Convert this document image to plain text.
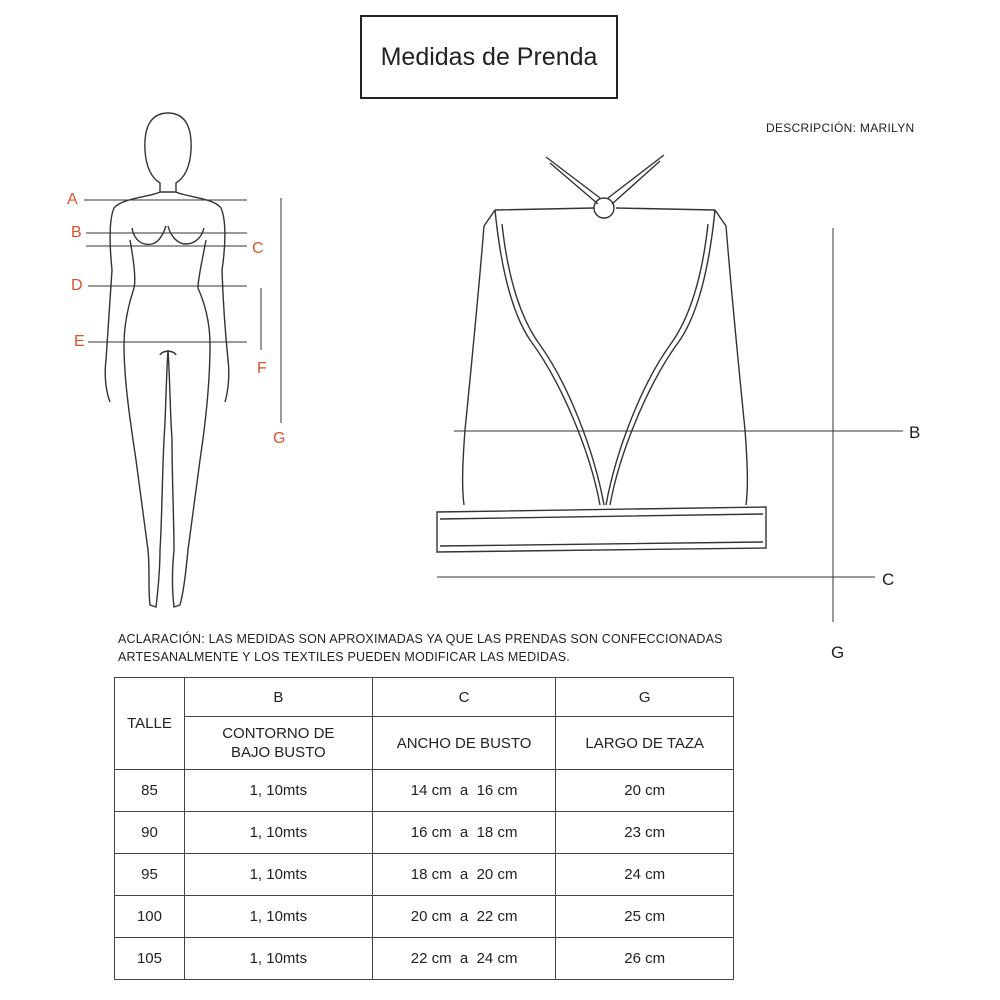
Medidas de Prenda
DESCRIPCIÓN: MARILYN
A
B
C
D
E
F
G	B
C
G
ACLARACIÓN: LAS MEDIDAS SON APROXIMADAS YA QUE LAS PRENDAS SON CONFECCIONADAS ARTESANALMENTE Y LOS TEXTILES PUEDEN MODIFICAR LAS MEDIDAS.
TALLE	B	C	G
	CONTORNO DE BAJO BUSTO	ANCHO DE BUSTO	LARGO DE TAZA
85	1, 10mts	14 cm  a  16 cm	20 cm
90	1, 10mts	16 cm  a  18 cm	23 cm
95	1, 10mts	18 cm  a  20 cm	24 cm
100	1, 10mts	20 cm  a  22 cm	25 cm
105	1, 10mts	22 cm  a  24 cm	26 cm
